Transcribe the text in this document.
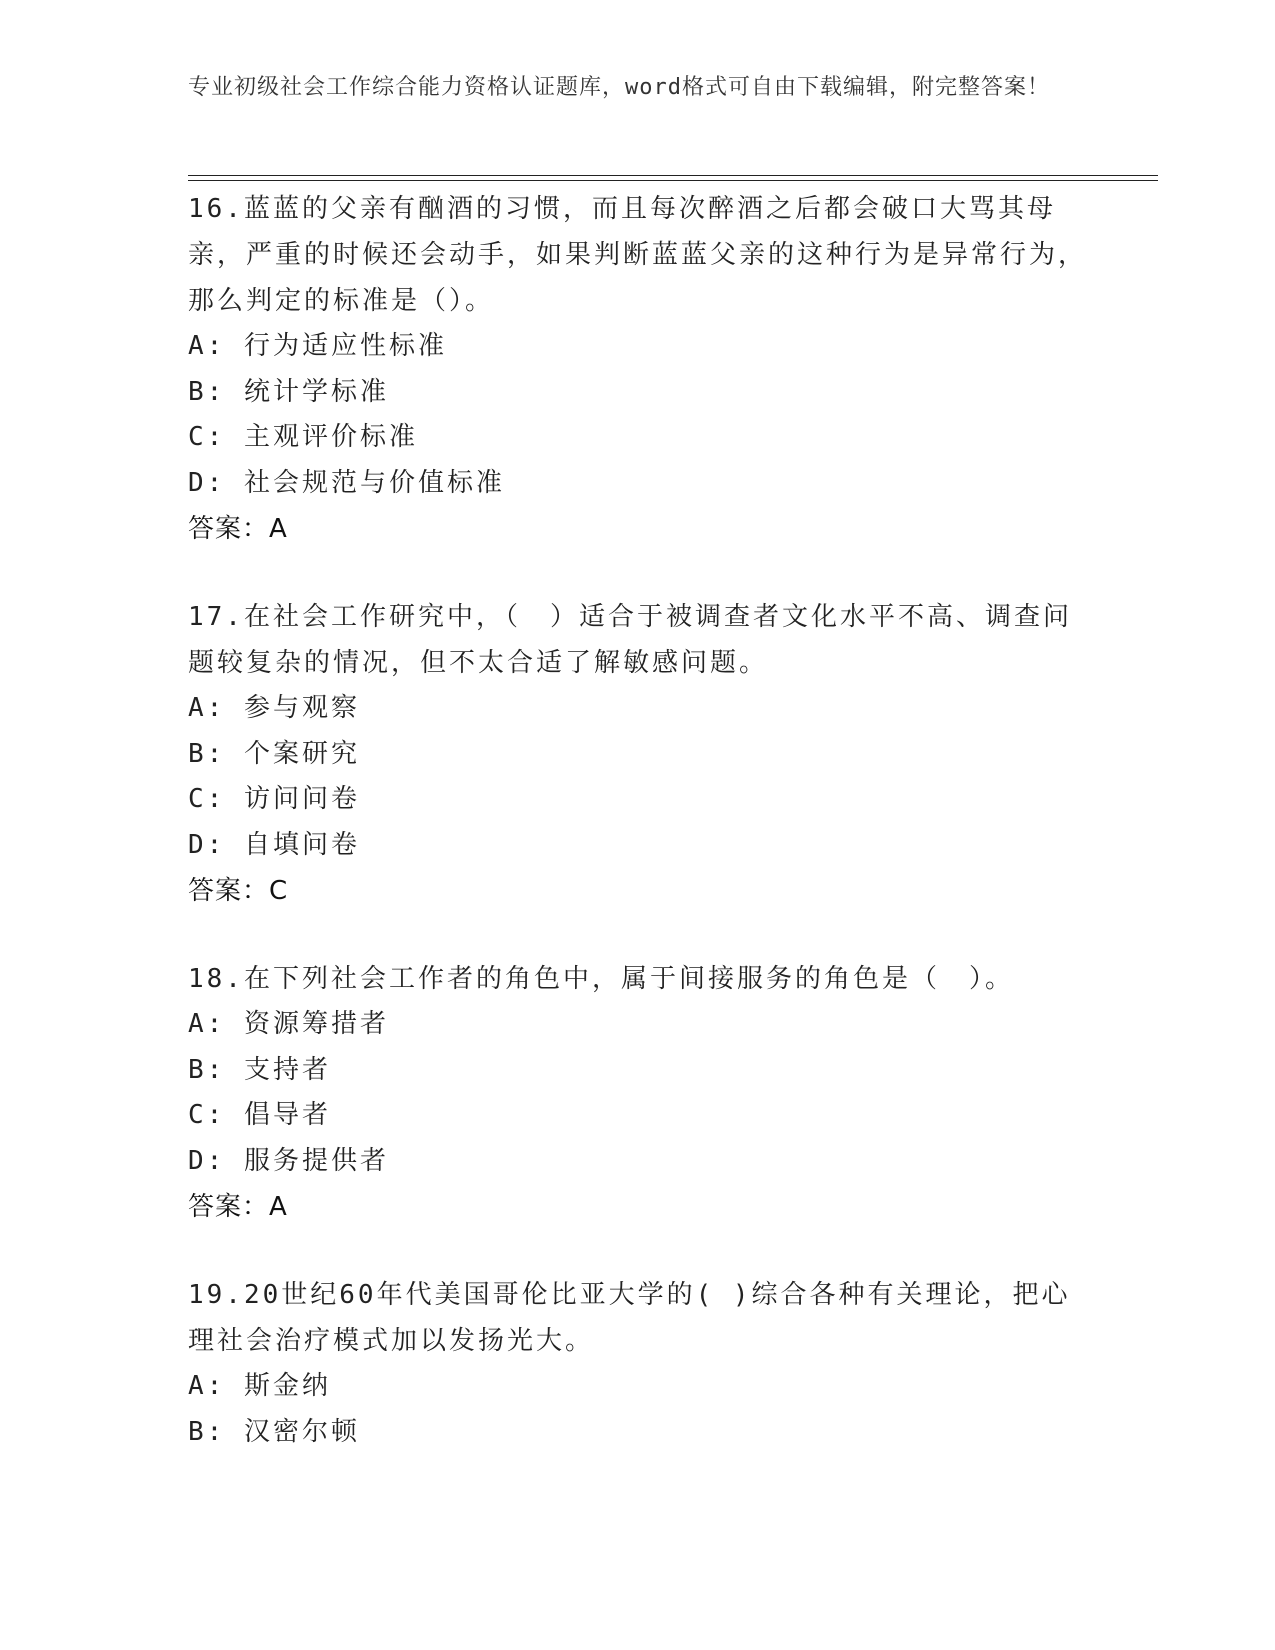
专业初级社会工作综合能力资格认证题库，word格式可自由下载编辑，附完整答案！
16.蓝蓝的父亲有酗酒的习惯，而且每次醉酒之后都会破口大骂其母亲，严重的时候还会动手，如果判断蓝蓝父亲的这种行为是异常行为，那么判定的标准是（）。
A: 行为适应性标准
B: 统计学标准
C: 主观评价标准
D: 社会规范与价值标准
答案：A
17.在社会工作研究中，（　）适合于被调查者文化水平不高、调查问题较复杂的情况，但不太合适了解敏感问题。
A: 参与观察
B: 个案研究
C: 访问问卷
D: 自填问卷
答案：C
18.在下列社会工作者的角色中，属于间接服务的角色是（　）。
A: 资源筹措者
B: 支持者
C: 倡导者
D: 服务提供者
答案：A
19.20世纪60年代美国哥伦比亚大学的( )综合各种有关理论，把心理社会治疗模式加以发扬光大。
A: 斯金纳
B: 汉密尔顿
